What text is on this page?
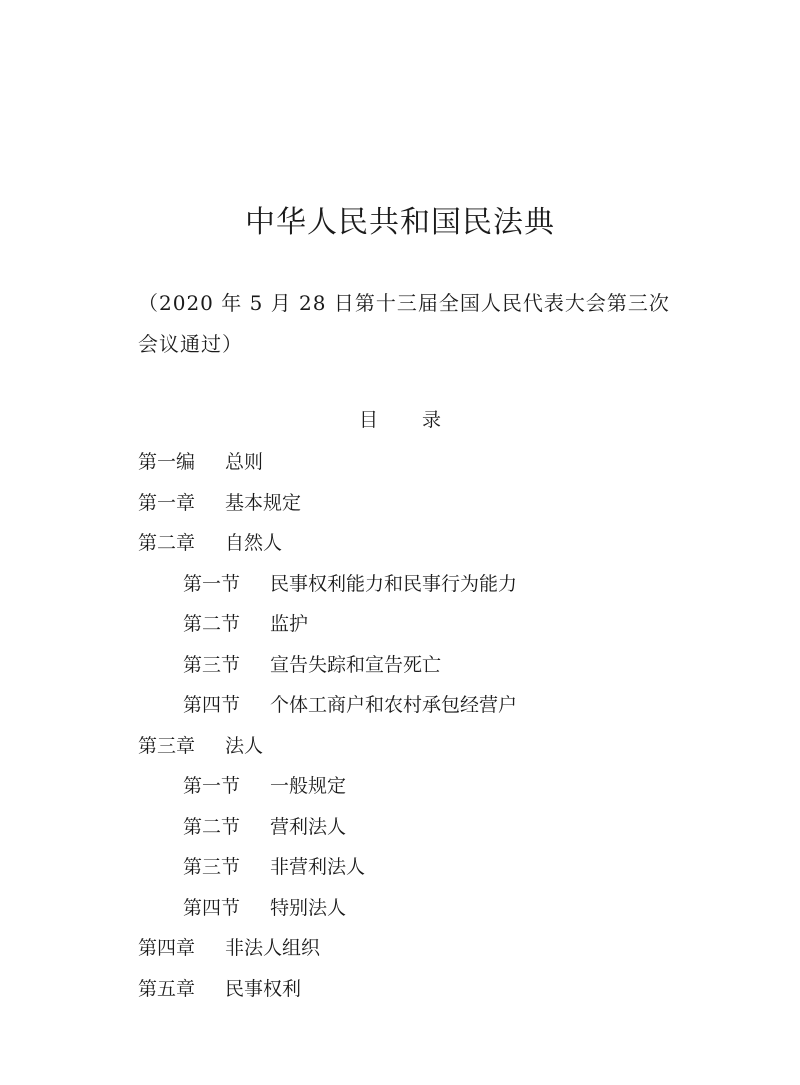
中华人民共和国民法典
（2020 年 5 月 28 日第十三届全国人民代表大会第三次会议通过）
目 录
第一编 总则
第一章 基本规定
第二章 自然人
第一节 民事权利能力和民事行为能力
第二节 监护
第三节 宣告失踪和宣告死亡
第四节 个体工商户和农村承包经营户
第三章 法人
第一节 一般规定
第二节 营利法人
第三节 非营利法人
第四节 特别法人
第四章 非法人组织
第五章 民事权利
